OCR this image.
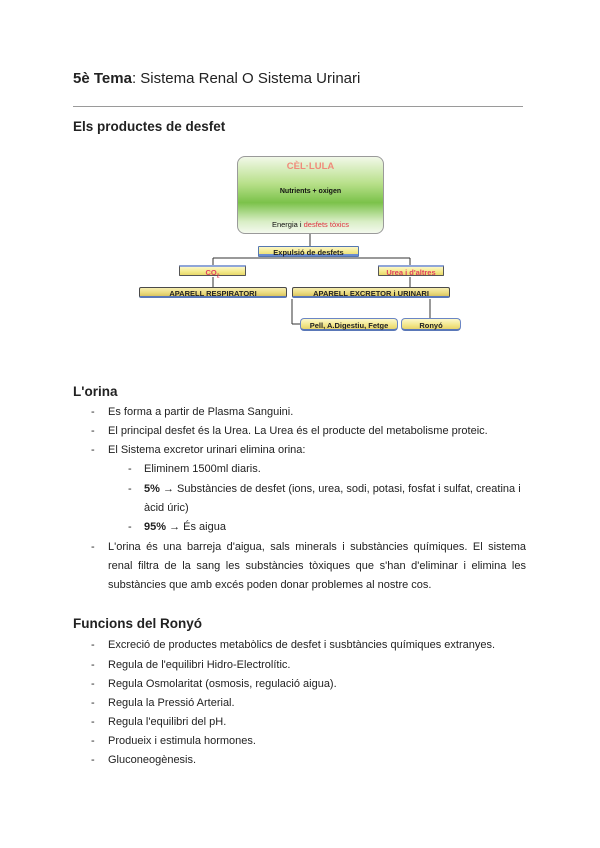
5è Tema: Sistema Renal O Sistema Urinari
Els productes de desfet
CÈL·LULA
Nutrients + oxigen
Energia i desfets tòxics
Expulsió de desfets
$CO_2$	Urea i d'altres
APARELL RESPIRATORI	APARELL EXCRETOR i URINARI
Pell, A.Digestiu, Fetge	Ronyó
L'orina
- Es forma a partir de Plasma Sanguini.
- El principal desfet és la Urea. La Urea és el producte del metabolisme proteic.
- El Sistema excretor urinari elimina orina:
- Eliminem 1500ml diaris.
- 5% → Substàncies de desfet (ions, urea, sodi, potasi, fosfat i sulfat, creatina i
àcid úric)
- 95% → És aigua
- L'orina és una barreja d'aigua, sals minerals i substàncies químiques. El sistema
renal filtra de la sang les substàncies tòxiques que s'han d'eliminar i elimina les
substàncies que amb excés poden donar problemes al nostre cos.
Funcions del Ronyó
- Excreció de productes metabòlics de desfet i susbtàncies químiques extranyes.
- Regula de l'equilibri Hidro-Electrolític.
- Regula Osmolaritat (osmosis, regulació aigua).
- Regula la Pressió Arterial.
- Regula l'equilibri del pH.
- Produeix i estimula hormones.
- Gluconeogènesis.
